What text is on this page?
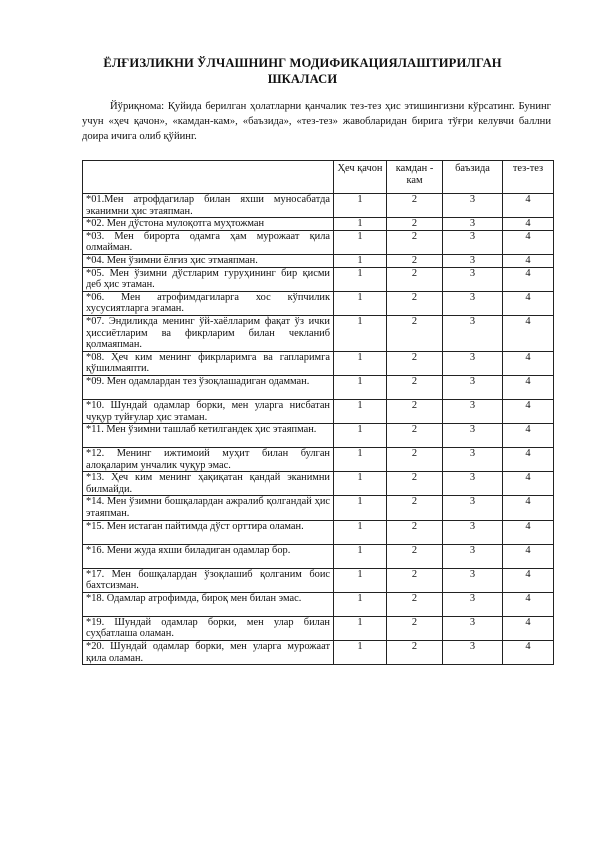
ЁЛҒИЗЛИКНИ ЎЛЧАШНИНГ МОДИФИКАЦИЯЛАШТИРИЛГАН ШКАЛАСИ
Йўриқнома: Қуйида берилган ҳолатларни қанчалик тез-тез ҳис этишингизни кўрсатинг. Бунинг учун «ҳеч қачон», «камдан-кам», «баъзида», «тез-тез» жавобларидан бирига тўғри келувчи баллни доира ичига олиб қўйинг.
	Ҳеч қачон	камдан - кам	баъзида	тез-тез
*01.Мен атрофдагилар билан яхши муносабатда эканимни ҳис этаяпман.	1	2	3	4
*02. Мен дўстона мулоқотга муҳтожман	1	2	3	4
*03. Мен бирорта одамга ҳам мурожаат қила олмайман.	1	2	3	4
*04. Мен ўзимни ёлғиз ҳис этмаяпман.	1	2	3	4
*05. Мен ўзимни дўстларим гуруҳининг бир қисми деб ҳис этаман.	1	2	3	4
*06. Мен атрофимдагиларга хос кўпчилик хусусиятларга эгаман.	1	2	3	4
*07. Эндиликда менинг ўй-хаёлларим фақат ўз ички ҳиссиётларим ва фикрларим билан чекланиб қолмаяпман.	1	2	3	4
*08. Ҳеч ким менинг фикрларимга ва гапларимга қўшилмаяпти.	1	2	3	4
*09. Мен одамлардан тез ўзоқлашадиган одамман.	1	2	3	4
*10. Шундай одамлар борки, мен уларга нисбатан чуқур туйғулар ҳис этаман.	1	2	3	4
*11. Мен ўзимни ташлаб кетилгандек ҳис этаяпман.	1	2	3	4
*12. Менинг ижтимоий муҳит билан булган алоқаларим унчалик чуқур эмас.	1	2	3	4
*13. Ҳеч ким менинг ҳақиқатан қандай эканимни билмайди.	1	2	3	4
*14. Мен ўзимни бошқалардан ажралиб қолгандай ҳис этаяпман.	1	2	3	4
*15. Мен истаган пайтимда дўст орттира оламан.	1	2	3	4
*16. Мени жуда яхши биладиган одамлар бор.	1	2	3	4
*17. Мен бошқалардан ўзоқлашиб қолганим боис бахтсизман.	1	2	3	4
*18. Одамлар атрофимда, бироқ мен билан эмас.	1	2	3	4
*19. Шундай одамлар борки, мен улар билан суҳбатлаша оламан.	1	2	3	4
*20. Шундай одамлар борки, мен уларга мурожаат қила оламан.	1	2	3	4
